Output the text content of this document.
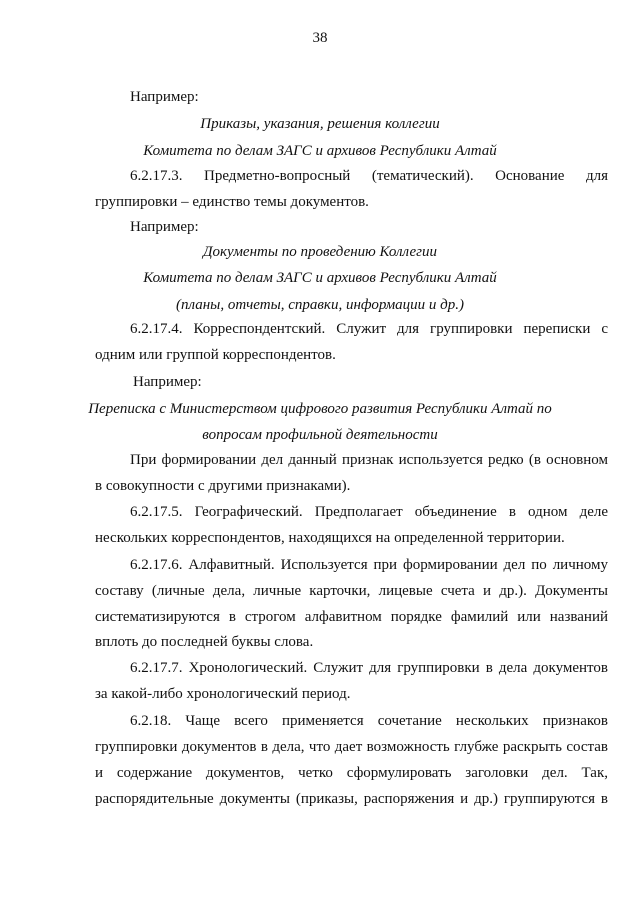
38
Например:
Приказы, указания, решения коллегии
Комитета по делам ЗАГС и архивов Республики Алтай
6.2.17.3. Предметно-вопросный (тематический). Основание для
группировки – единство темы документов.
Например:
Документы по проведению Коллегии
Комитета по делам ЗАГС и архивов Республики Алтай
(планы, отчеты, справки, информации и др.)
6.2.17.4. Корреспондентский. Служит для группировки переписки с
одним или группой корреспондентов.
Например:
Переписка с Министерством цифрового развития Республики Алтай по
вопросам профильной деятельности
При формировании дел данный признак используется редко (в основном
в совокупности с другими признаками).
6.2.17.5. Географический. Предполагает объединение в одном деле
нескольких корреспондентов, находящихся на определенной территории.
6.2.17.6. Алфавитный. Используется при формировании дел по личному
составу (личные дела, личные карточки, лицевые счета и др.). Документы
систематизируются в строгом алфавитном порядке фамилий или названий
вплоть до последней буквы слова.
6.2.17.7. Хронологический. Служит для группировки в дела документов
за какой-либо хронологический период.
6.2.18. Чаще всего применяется сочетание нескольких признаков
группировки документов в дела, что дает возможность глубже раскрыть состав
и содержание документов, четко сформулировать заголовки дел. Так,
распорядительные документы (приказы, распоряжения и др.) группируются в
